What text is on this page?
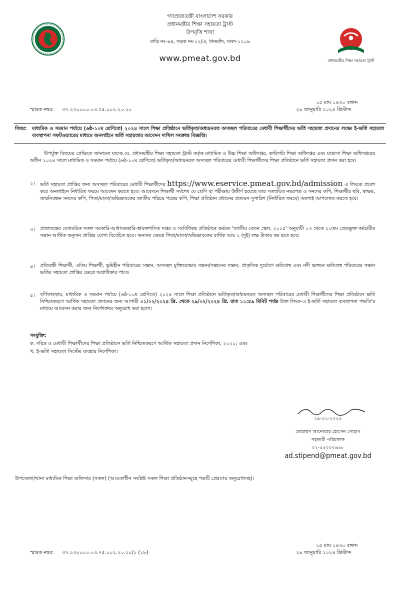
গণপ্রজাতন্ত্রী বাংলাদেশ সরকার
প্রধানমন্ত্রীর শিক্ষা সহায়তা ট্রাস্ট
উপবৃত্তি শাখা
বাড়ি নং-৪৪, সড়ক নং-১২/এ, ধানমন্ডি, ঢাকা-১২০৯
www.pmeat.gov.bd	প্রধানমন্ত্রীর শিক্ষা সহায়তা ট্রাস্ট
১৫ মাঘ ১৪৩০ বঙ্গাব্দ
স্মারক নম্বর: ৩৭.২৩০০০০.০৩.৭৫.০০২.২০.২০	২৯ জানুয়ারি ২০২৪ খ্রিস্টাব্দ
বিষয়: মাধ্যমিক ও সমমান পর্যায়ে (৬ষ্ঠ-১০ম শ্রেণিতে) ২০২৪ সালে শিক্ষা প্রতিষ্ঠানে ভর্তিকৃত/অধ্যয়নরত অসচ্ছল পরিবারের মেধাবী শিক্ষার্থীদের ভর্তি সহায়তা প্রদানের লক্ষ্যে ই-ভর্তি সহায়তা ব্যবস্থাপনা সফটওয়্যারের মাধ্যমে অনলাইনে ভর্তি সহায়তার আবেদন দাখিল সংক্রান্ত বিজ্ঞপ্তি।
উপর্যুক্ত বিষয়ের প্রেক্ষিতে জানানো যাচ্ছে যে, প্রধানমন্ত্রীর শিক্ষা সহায়তা ট্রাস্ট কর্তৃক মাধ্যমিক ও উচ্চ শিক্ষা অধিদপ্তর, কারিগরি শিক্ষা অধিদপ্তর এবং মাদ্রাসা শিক্ষা অধিদপ্তরের অধীন ২০২৪ সালে মাধ্যমিক ও সমমান পর্যায়ে (৬ষ্ঠ-১০ম শ্রেণিতে) ভর্তিকৃত/অধ্যয়নরত অসচ্ছল পরিবারের মেধাবী শিক্ষার্থীদের শিক্ষা প্রতিষ্ঠানে ভর্তি সহায়তা প্রদান করা হবে।
২। ভর্তি সহায়তা প্রাপ্তির জন্য অসচ্ছল পরিবারের মেধাবী শিক্ষার্থীদের https://www.eservice.pmeat.gov.bd/admission এ লিংকে প্রবেশ করে অনলাইনে নির্ধারিত ফরমে আবেদন করতে হবে। আবেদনে শিক্ষার্থী সর্বশেষ যে শ্রেণি বা পরীক্ষায় উত্তীর্ণ হয়েছে তার সত্যায়িত নম্বরপত্র ও সনদের কপি, শিক্ষার্থীর ছবি, স্বাক্ষর, জন্মনিবন্ধন সনদের কপি, পিতা/মাতা/অভিভাবকের জাতীয় পরিচয় পত্রের কপি, শিক্ষা প্রতিষ্ঠান প্রধানের প্রত্যয়ন সুপারিশ (নির্ধারিত ফরমে) অবশ্যই আপলোড করতে হবে।
৩। প্রজাতন্ত্রের বেসামরিক সকল সরকারি-আধাসরকারি-স্বায়ত্তশাসিত দপ্তর ও সংবিধিবদ্ধ প্রতিষ্ঠানে কর্মরত 'জাতীয় বেতন স্কেল, ২০১৫' অনুযায়ী ১৩ থেকে ২০তম গ্রেডভুক্ত কর্মচারীর সন্তান আর্থিক অনুদান প্রাপ্তির যোগ্য বিবেচিত হবে। অন্যান্য ক্ষেত্রে পিতা/মাতা/অভিভাবকের বার্ষিক আয় ২ (দুই) লক্ষ টাকার কম হতে হবে।
৪। প্রতিবন্ধী শিক্ষার্থী, এতিম শিক্ষার্থী, ভূমিহীন পরিবারের সন্তান, অসচ্ছল মুক্তিযোদ্ধার সন্তান/সন্তানের সন্তান, প্রাকৃতিক দুর্যোগে ক্ষতিগ্রস্থ এবং নদী ভাঙ্গনে ক্ষতিগ্রস্থ পরিবারের সন্তান ভর্তির সহায়তা প্রাপ্তির ক্ষেত্রে অগ্রাধিকার পাবে।
৫। বর্ণিতাবস্থায়, মাধ্যমিক ও সমমান পর্যায়ে (৬ষ্ঠ-১০ম শ্রেণিতে) ২০২৪ সালে শিক্ষা প্রতিষ্ঠানে ভর্তিকৃত/অধ্যয়নরত অসচ্ছল পরিবারের মেধাবী শিক্ষার্থীদের শিক্ষা প্রতিষ্ঠানে ভর্তি নিশ্চিতকরণে আর্থিক সহায়তা প্রদানের জন্য আগামী ০১/০২/২০২৪ খ্রি. থেকে ২৯/০২/২০২৪ খ্রি. রাত ১১:৫৯ মিনিট পর্যন্ত উক্ত লিংক-এ ই-ভর্তি সহায়তা ব্যবস্থাপনা পদ্ধতি'র মাধ্যমে আবেদন করার জন্য নির্দেশক্রমে অনুরোধ করা হলো।
সংযুক্তি:
ক. দরিদ্র ও মেধাবী শিক্ষার্থীদের শিক্ষা প্রতিষ্ঠানে ভর্তি নিশ্চিতকরণে আর্থিক সহায়তা প্রদান নির্দেশিকা, ২০২০; এবং
খ. ই-ভর্তি সহায়তা সিস্টেম ব্যবহার নির্দেশিকা।
২৯-০১-২০২৪
মোহাম্মদ আনোয়ার হোসেন সোহাগ
সহকারী পরিচালক
০২-৫৫০০০৬৪৮
ad.stipend@pmeat.gov.bd
উপজেলা/থানা মাধ্যমিক শিক্ষা অফিসার (সকল) (আওতাধীন সংশ্লিষ্ট সকল শিক্ষা প্রতিষ্ঠানসমূহে পত্রটি প্রেরণের অনুরোধসহ)।
১৫ মাঘ ১৪৩০ বঙ্গাব্দ
স্মারক নম্বর: ৩৭.২৩০০০০.০৩.৭৫.০০২.২০.২০/১ (১৮)	২৯ জানুয়ারি ২০২৪ খ্রিস্টাব্দ
